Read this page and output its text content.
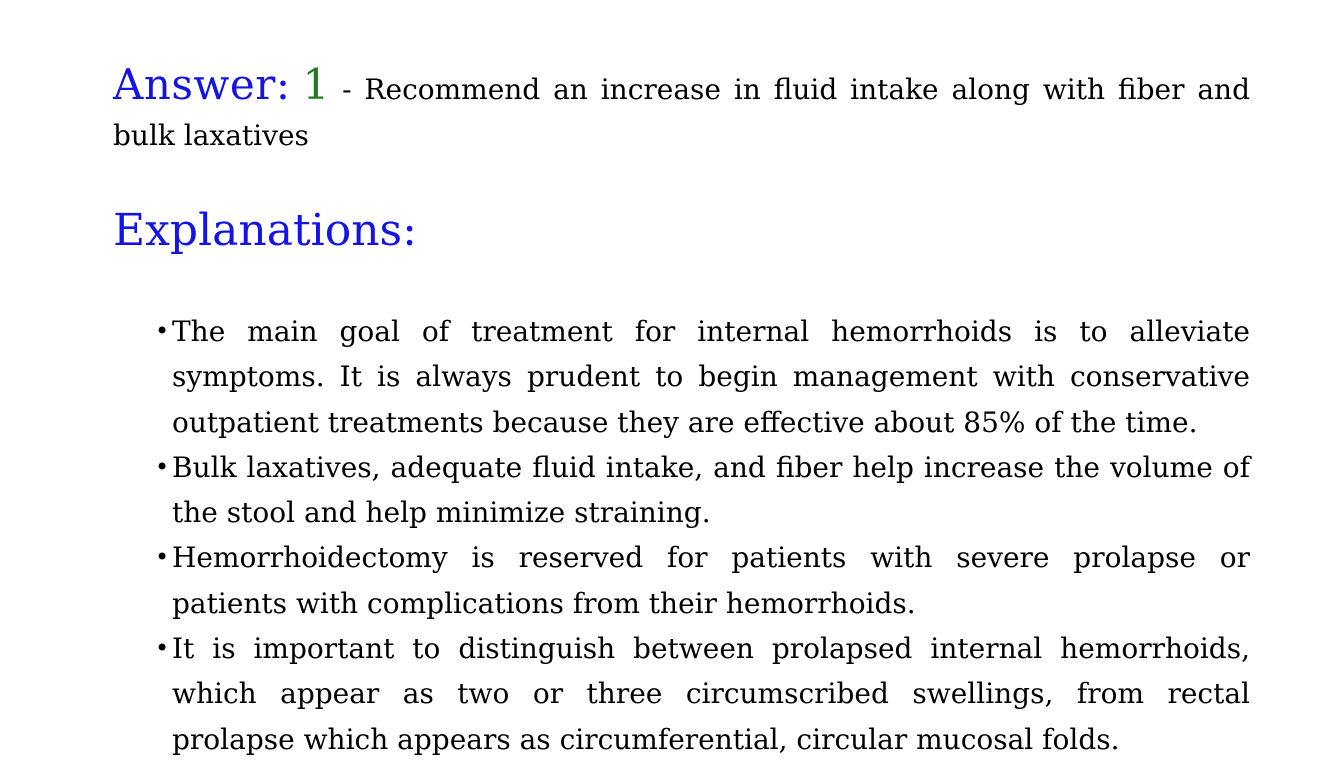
Answer: 1 - Recommend an increase in fluid intake along with fiber and bulk laxatives
Explanations:
• The main goal of treatment for internal hemorrhoids is to alleviate symptoms. It is always prudent to begin management with conservative outpatient treatments because they are effective about 85% of the time.
• Bulk laxatives, adequate fluid intake, and fiber help increase the volume of the stool and help minimize straining.
• Hemorrhoidectomy is reserved for patients with severe prolapse or patients with complications from their hemorrhoids.
• It is important to distinguish between prolapsed internal hemorrhoids, which appear as two or three circumscribed swellings, from rectal prolapse which appears as circumferential, circular mucosal folds.
